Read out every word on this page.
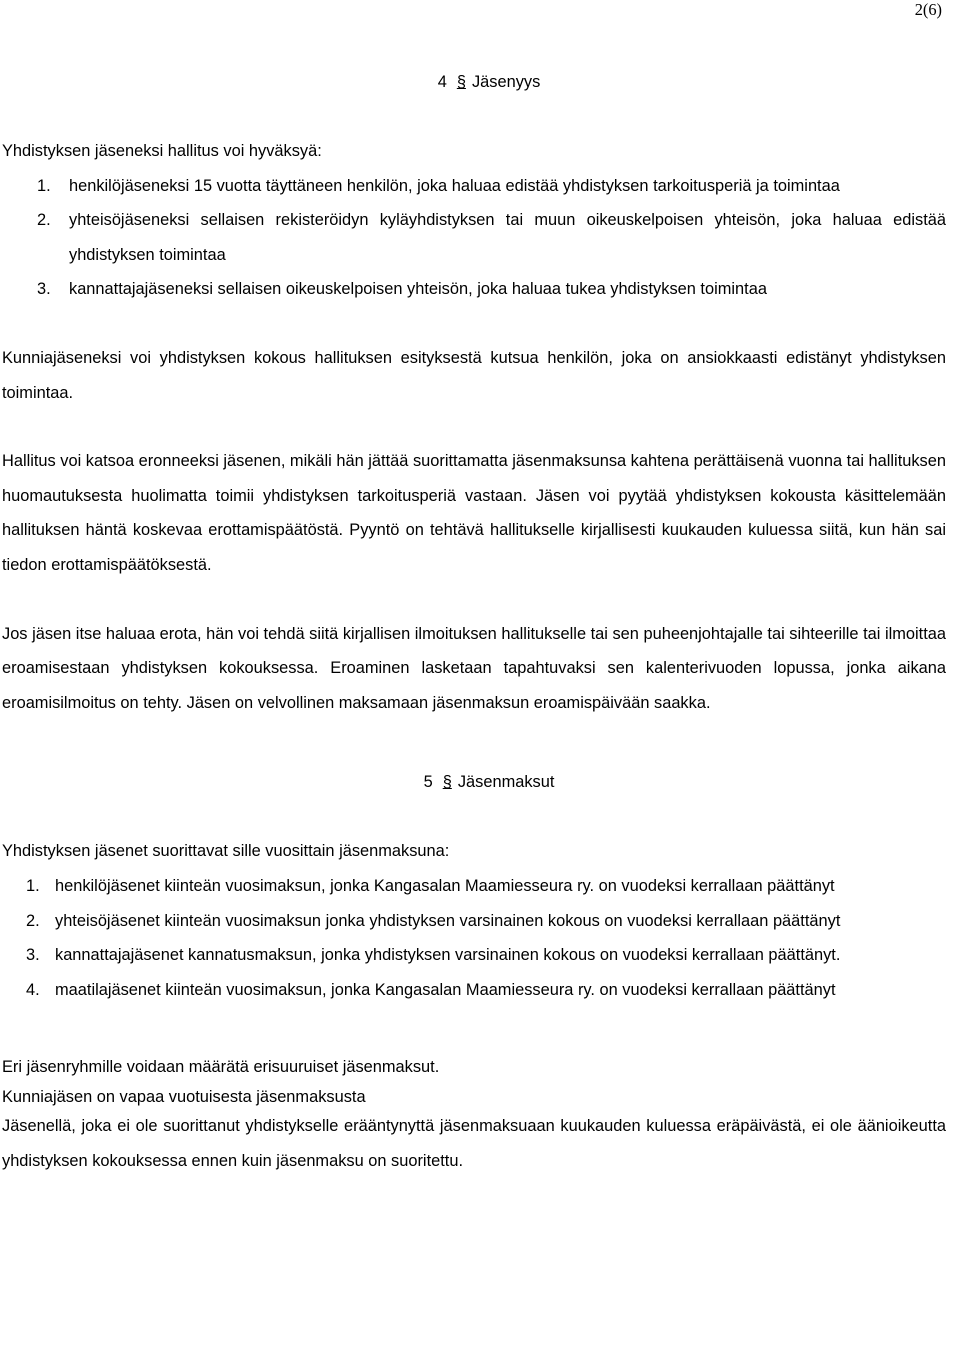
2(6)
4 § Jäsenyys

Yhdistyksen jäseneksi hallitus voi hyväksyä:

1. henkilöjäseneksi 15 vuotta täyttäneen henkilön, joka haluaa edistää yhdistyksen tarkoitusperiä ja toimintaa
2. yhteisöjäseneksi sellaisen rekisteröidyn kyläyhdistyksen tai muun oikeuskelpoisen yhteisön, joka haluaa edistää yhdistyksen toimintaa
3. kannattajajäseneksi sellaisen oikeuskelpoisen yhteisön, joka haluaa tukea yhdistyksen toimintaa

Kunniajäseneksi voi yhdistyksen kokous hallituksen esityksestä kutsua henkilön, joka on ansiokkaasti edistänyt yhdistyksen toimintaa.

Hallitus voi katsoa eronneeksi jäsenen, mikäli hän jättää suorittamatta jäsenmaksunsa kahtena perättäisenä vuonna tai hallituksen huomautuksesta huolimatta toimii yhdistyksen tarkoitusperiä vastaan. Jäsen voi pyytää yhdistyksen kokousta käsittelemään hallituksen häntä koskevaa erottamispäätöstä. Pyyntö on tehtävä hallitukselle kirjallisesti kuukauden kuluessa siitä, kun hän sai tiedon erottamispäätöksestä.

Jos jäsen itse haluaa erota, hän voi tehdä siitä kirjallisen ilmoituksen hallitukselle tai sen puheenjohtajalle tai sihteerille tai ilmoittaa eroamisestaan yhdistyksen kokouksessa. Eroaminen lasketaan tapahtuvaksi sen kalenterivuoden lopussa, jonka aikana eroamisilmoitus on tehty. Jäsen on velvollinen maksamaan jäsenmaksun eroamispäivään saakka.

5 § Jäsenmaksut

Yhdistyksen jäsenet suorittavat sille vuosittain jäsenmaksuna:

1. henkilöjäsenet kiinteän vuosimaksun, jonka Kangasalan Maamiesseura ry. on vuodeksi kerrallaan päättänyt
2. yhteisöjäsenet kiinteän vuosimaksun jonka yhdistyksen varsinainen kokous on vuodeksi kerrallaan päättänyt
3. kannattajajäsenet kannatusmaksun, jonka yhdistyksen varsinainen kokous on vuodeksi kerrallaan päättänyt.
4. maatilajäsenet kiinteän vuosimaksun, jonka Kangasalan Maamiesseura ry. on vuodeksi kerrallaan päättänyt

Eri jäsenryhmille voidaan määrätä erisuuruiset jäsenmaksut.

Kunniajäsen on vapaa vuotuisesta jäsenmaksusta

Jäsenellä, joka ei ole suorittanut yhdistykselle erääntynyttä jäsenmaksuaan kuukauden kuluessa eräpäivästä, ei ole äänioikeutta yhdistyksen kokouksessa ennen kuin jäsenmaksu on suoritettu.
